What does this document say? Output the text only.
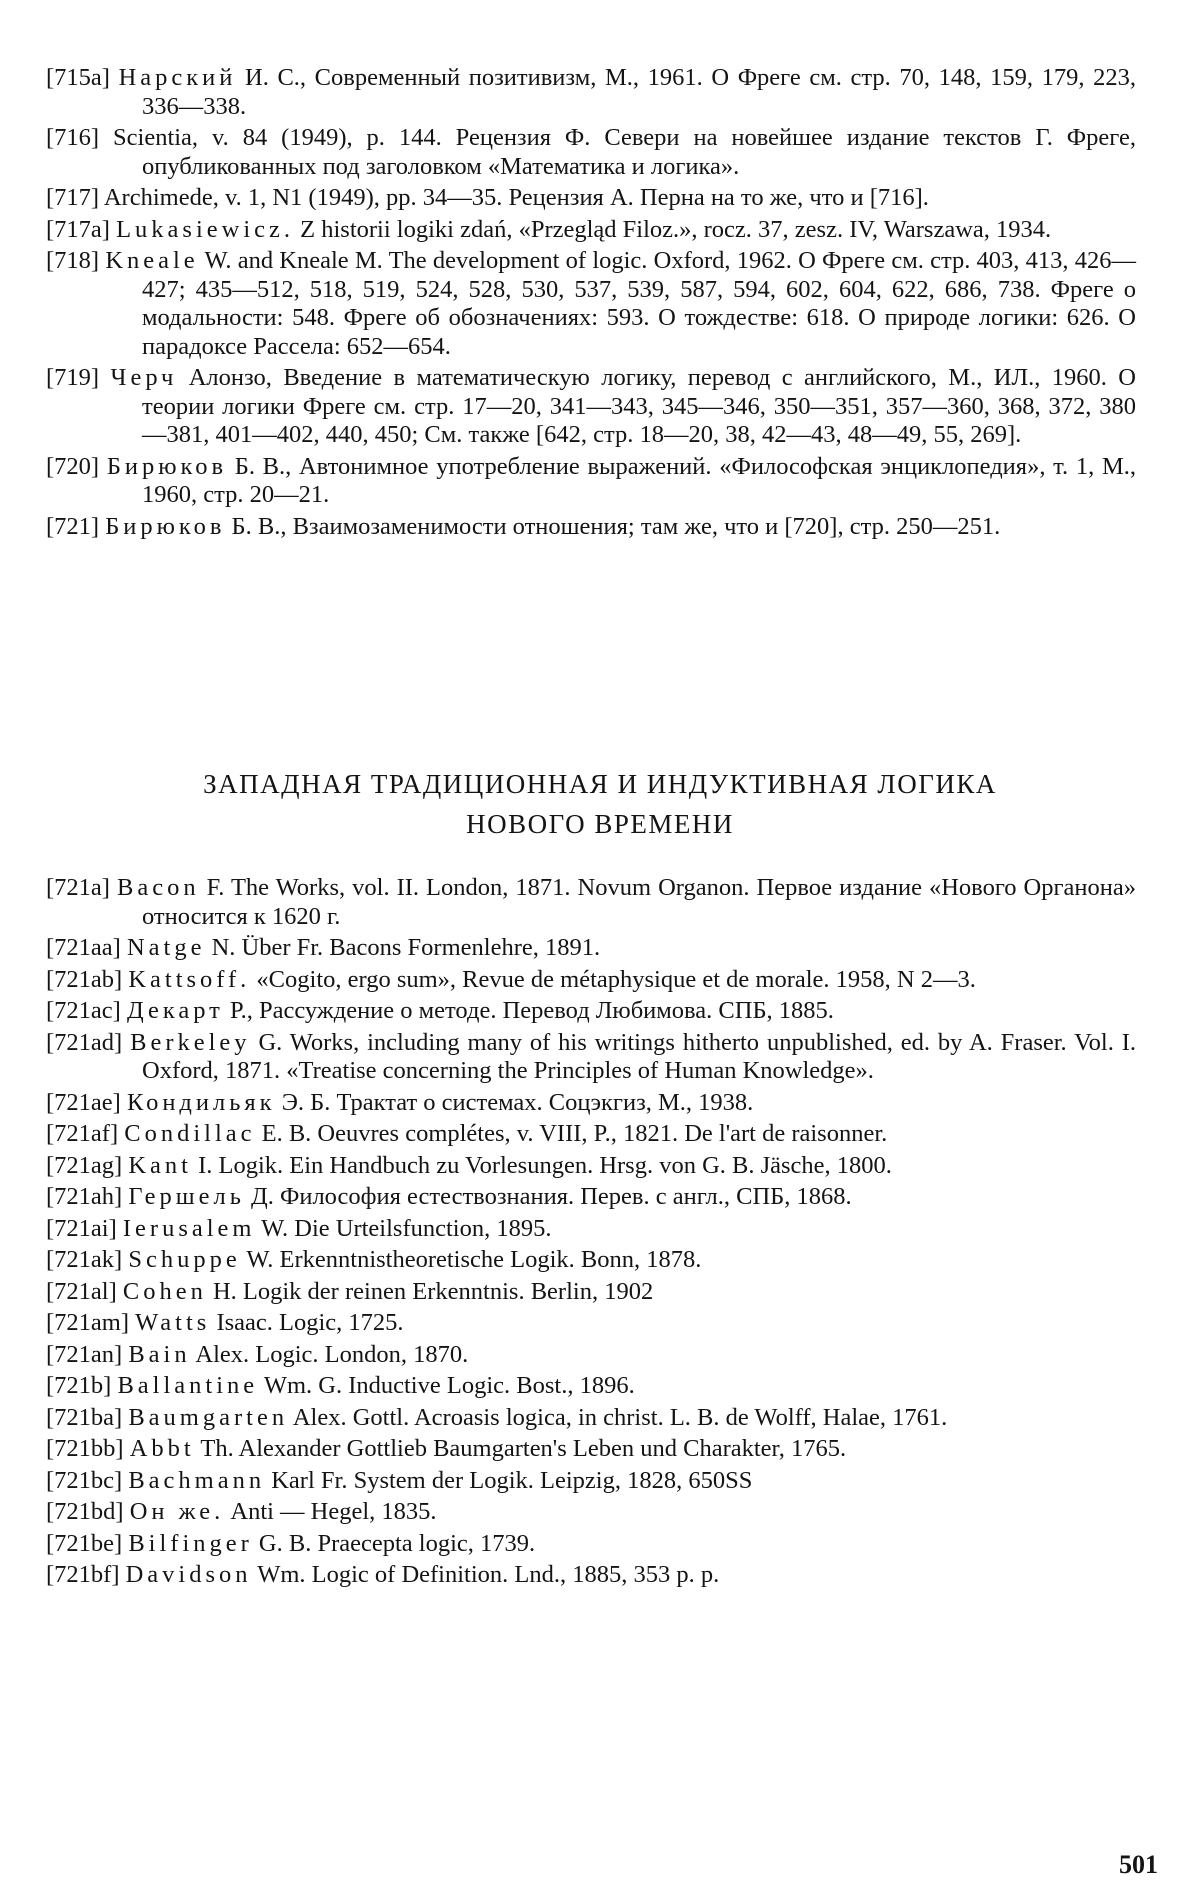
[715a] Нарский И. С., Современный позитивизм, М., 1961. О Фреге см. стр. 70, 148, 159, 179, 223, 336—338.

[716] Scientia, v. 84 (1949), p. 144. Рецензия Ф. Севери на новейшее издание текстов Г. Фреге, опубликованных под заголовком «Математика и логика».

[717] Archimede, v. 1, N1 (1949), pp. 34—35. Рецензия А. Перна на то же, что и [716].

[717a] Lukasiewicz. Z historii logiki zdań, «Przegląd Filoz.», rocz. 37, zesz. IV, Warszawa, 1934.

[718] Kneale W. and Kneale M. The development of logic. Oxford, 1962. О Фреге см. стр. 403, 413, 426—427; 435—512, 518, 519, 524, 528, 530, 537, 539, 587, 594, 602, 604, 622, 686, 738. Фреге о модальности: 548. Фреге об обозначениях: 593. О тождестве: 618. О природе логики: 626. О парадоксе Рассела: 652—654.

[719] Черч Алонзо, Введение в математическую логику, перевод с английского, М., ИЛ., 1960. О теории логики Фреге см. стр. 17—20, 341—343, 345—346, 350—351, 357—360, 368, 372, 380—381, 401—402, 440, 450; См. также [642, стр. 18—20, 38, 42—43, 48—49, 55, 269].

[720] Бирюков Б. В., Автонимное употребление выражений. «Философская энциклопедия», т. 1, М., 1960, стр. 20—21.

[721] Бирюков Б. В., Взаимозаменимости отношения; там же, что и [720], стр. 250—251.

ЗАПАДНАЯ ТРАДИЦИОННАЯ И ИНДУКТИВНАЯ ЛОГИКА
НОВОГО ВРЕМЕНИ

[721a] Bacon F. The Works, vol. II. London, 1871. Novum Organon. Первое издание «Нового Органона» относится к 1620 г.

[721aa] Natge N. Über Fr. Bacons Formenlehre, 1891.

[721ab] Kattsoff. «Cogito, ergo sum», Revue de métaphysique et de morale. 1958, N 2—3.

[721ac] Декарт Р., Рассуждение о методе. Перевод Любимова. СПБ, 1885.

[721ad] Berkeley G. Works, including many of his writings hitherto unpublished, ed. by A. Fraser. Vol. I. Oxford, 1871. «Treatise concerning the Principles of Human Knowledge».

[721ae] Кондильяк Э. Б. Трактат о системах. Соцэкгиз, М., 1938.

[721af] Condillac E. B. Oeuvres complétes, v. VIII, P., 1821. De l'art de raisonner.

[721ag] Kant I. Logik. Ein Handbuch zu Vorlesungen. Hrsg. von G. B. Jäsche, 1800.

[721ah] Гершель Д. Философия естествознания. Перев. с англ., СПБ, 1868.

[721ai] Ierusalem W. Die Urteilsfunction, 1895.

[721ak] Schuppe W. Erkenntnistheoretische Logik. Bonn, 1878.

[721al] Cohen H. Logik der reinen Erkenntnis. Berlin, 1902

[721am] Watts Isaac. Logic, 1725.

[721an] Bain Alex. Logic. London, 1870.

[721b] Ballantine Wm. G. Inductive Logic. Bost., 1896.

[721ba] Baumgarten Alex. Gottl. Acroasis logica, in christ. L. B. de Wolff, Halae, 1761.

[721bb] Abbt Th. Alexander Gottlieb Baumgarten's Leben und Charakter, 1765.

[721bc] Bachmann Karl Fr. System der Logik. Leipzig, 1828, 650SS

[721bd] Он же. Anti — Hegel, 1835.

[721be] Bilfinger G. B. Praecepta logic, 1739.

[721bf] Davidson Wm. Logic of Definition. Lnd., 1885, 353 p. p.

501
